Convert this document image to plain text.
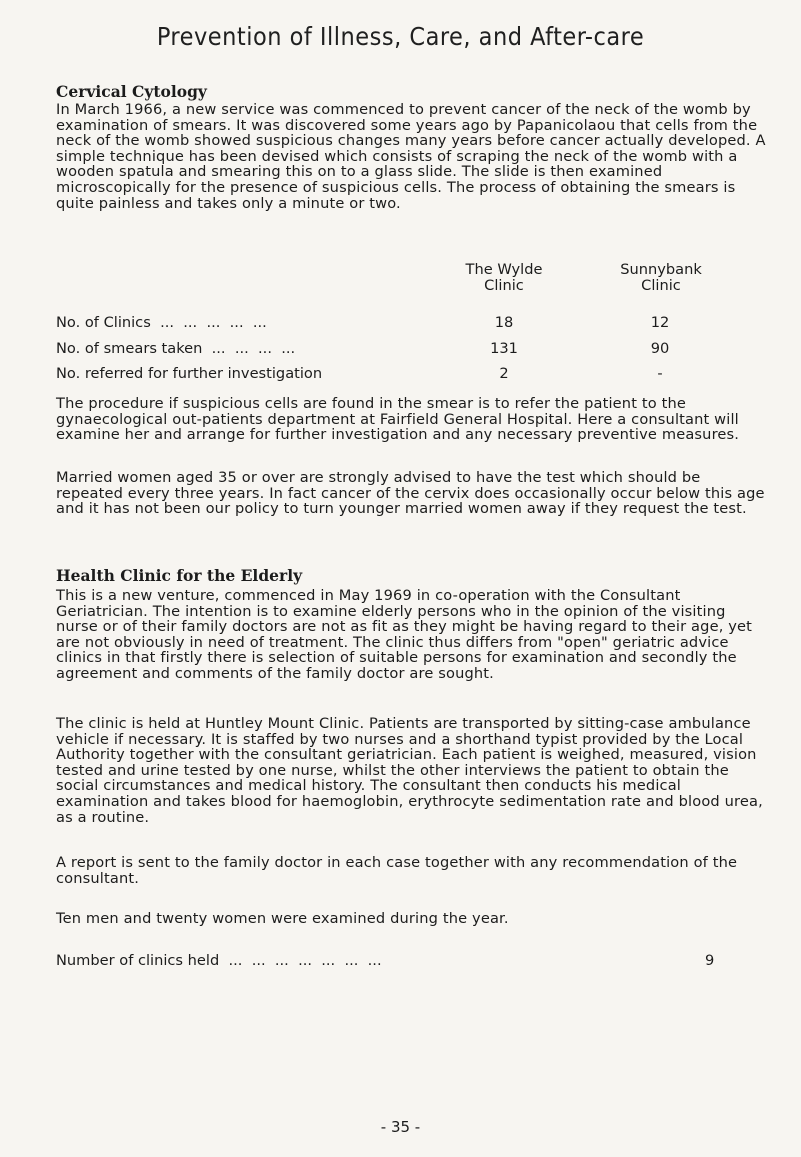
Prevention of Illness, Care, and After-care
Cervical Cytology

In March 1966, a new service was commenced to prevent cancer of the neck of the womb by examination of smears. It was discovered some years ago by Papanicolaou that cells from the neck of the womb showed suspicious changes many years before cancer actually developed. A simple technique has been devised which consists of scraping the neck of the womb with a wooden spatula and smearing this on to a glass slide. The slide is then examined microscopically for the presence of suspicious cells. The process of obtaining the smears is quite painless and takes only a minute or two.

The Wylde
Clinic
Sunnybank
Clinic
No. of Clinics  ...  ...  ...  ...  ...	18	12
No. of smears taken  ...  ...  ...  ...	131	90
No. referred for further investigation	2	-

The procedure if suspicious cells are found in the smear is to refer the patient to the gynaecological out-patients department at Fairfield General Hospital. Here a consultant will examine her and arrange for further investigation and any necessary preventive measures.

Married women aged 35 or over are strongly advised to have the test which should be repeated every three years. In fact cancer of the cervix does occasionally occur below this age and it has not been our policy to turn younger married women away if they request the test.

Health Clinic for the Elderly

This is a new venture, commenced in May 1969 in co-operation with the Consultant Geriatrician. The intention is to examine elderly persons who in the opinion of the visiting nurse or of their family doctors are not as fit as they might be having regard to their age, yet are not obviously in need of treatment. The clinic thus differs from "open" geriatric advice clinics in that firstly there is selection of suitable persons for examination and secondly the agreement and comments of the family doctor are sought.

The clinic is held at Huntley Mount Clinic. Patients are transported by sitting-case ambulance vehicle if necessary. It is staffed by two nurses and a shorthand typist provided by the Local Authority together with the consultant geriatrician. Each patient is weighed, measured, vision tested and urine tested by one nurse, whilst the other interviews the patient to obtain the social circumstances and medical history. The consultant then conducts his medical examination and takes blood for haemoglobin, erythrocyte sedimentation rate and blood urea, as a routine.

A report is sent to the family doctor in each case together with any recommendation of the consultant.

Ten men and twenty women were examined during the year.

Number of clinics held  ...  ...  ...  ...  ...  ...  ...	9
- 35 -
